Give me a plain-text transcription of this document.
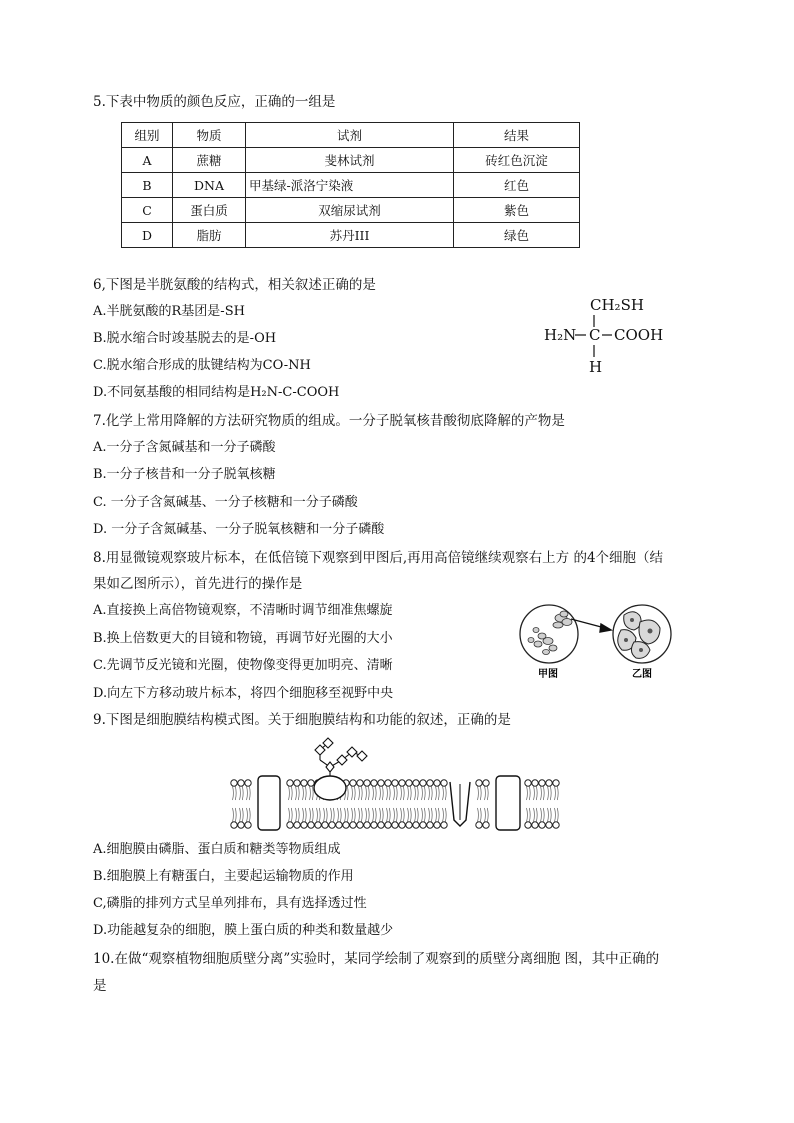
5.下表中物质的颜色反应，正确的一组是
组别	物质	试剂	结果
A	蔗糖	斐林试剂	砖红色沉淀
B	DNA	甲基绿-派洛宁染液	红色
C	蛋白质	双缩尿试剂	紫色
D	脂肪	苏丹III	绿色
6,下图是半胱氨酸的结构式，相关叙述正确的是
A.半胱氨酸的R基团是-SH
B.脱水缩合时竣基脱去的是-OH
C.脱水缩合形成的肽键结构为CO-NH
D.不同氨基酸的相同结构是H₂N-C-COOH
CH₂SH
H₂N C COOH
H
7.化学上常用降解的方法研究物质的组成。一分子脱氧核昔酸彻底降解的产物是
A.一分子含氮碱基和一分子磷酸
B.一分子核昔和一分子脱氧核糖
C. 一分子含氮碱基、一分子核糖和一分子磷酸
D. 一分子含氮碱基、一分子脱氧核糖和一分子磷酸
8.用显微镜观察玻片标本，在低倍镜下观察到甲图后,再用高倍镜继续观察右上方 的4个细胞（结
果如乙图所示），首先进行的操作是
A.直接换上高倍物镜观察，不清晰时调节细准焦螺旋
B.换上倍数更大的目镜和物镜，再调节好光圈的大小
C.先调节反光镜和光圈，使物像变得更加明亮、清晰
D.向左下方移动玻片标本，将四个细胞移至视野中央
甲图	乙图
9.下图是细胞膜结构模式图。关于细胞膜结构和功能的叙述，正确的是
A.细胞膜由磷脂、蛋白质和糖类等物质组成
B.细胞膜上有糖蛋白，主要起运输物质的作用
C,磷脂的排列方式呈单列排布，具有选择透过性
D.功能越复杂的细胞，膜上蛋白质的种类和数量越少
10.在做“观察植物细胞质壁分离”实验时，某同学绘制了观察到的质壁分离细胞 图，其中正确的
是
